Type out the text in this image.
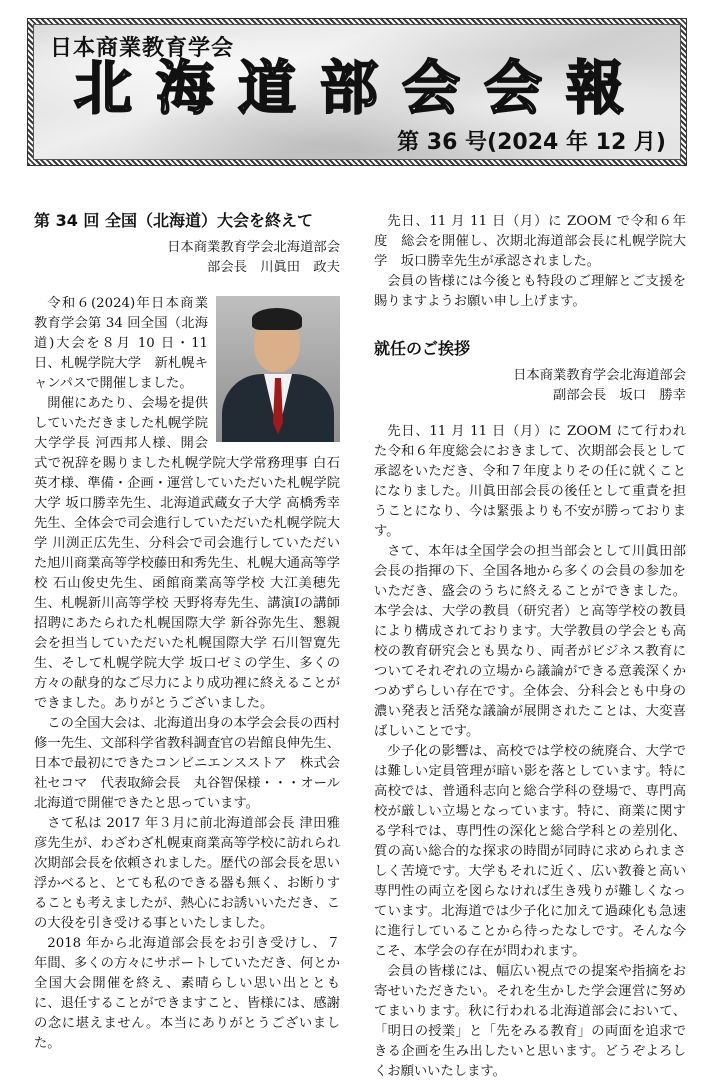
日本商業教育学会
北海道部会会報
第 36 号(2024 年 12 月)
第 34 回 全国（北海道）大会を終えて
日本商業教育学会北海道部会
部会長　川眞田　政夫

令和６(2024)年日本商業教育学会第 34 回全国（北海道)大会を８月 10 日・11 日、札幌学院大学　新札幌キャンパスで開催しました。

開催にあたり、会場を提供していただきました札幌学院大学学長 河西邦人様、開会式で祝辞を賜りました札幌学院大学常務理事 白石英才様、準備・企画・運営していただいた札幌学院大学 坂口勝幸先生、北海道武蔵女子大学 高橋秀幸先生、全体会で司会進行していただいた札幌学院大学 川渕正広先生、分科会で司会進行していただいた旭川商業高等学校藤田和秀先生、札幌大通高等学校 石山俊史先生、函館商業高等学校 大江美穂先生、札幌新川高等学校 天野将寿先生、講演Ⅰの講師招聘にあたられた札幌国際大学 新谷弥先生、懇親会を担当していただいた札幌国際大学 石川智寛先生、そして札幌学院大学 坂口ゼミの学生、多くの方々の献身的なご尽力により成功裡に終えることができました。ありがとうございました。

この全国大会は、北海道出身の本学会会長の西村修一先生、文部科学省教科調査官の岩館良伸先生、日本で最初にできたコンビニエンスストア　株式会社セコマ　代表取締会長　丸谷智保様・・・オール北海道で開催できたと思っています。

さて私は 2017 年３月に前北海道部会長 津田雅彦先生が、わざわざ札幌東商業高等学校に訪れられ次期部会長を依頼されました。歴代の部会長を思い浮かべると、とても私のできる器も無く、お断りすることも考えましたが、熱心にお誘いいただき、この大役を引き受ける事といたしました。

2018 年から北海道部会長をお引き受けし、７ 年間、多くの方々にサポートしていただき、何とか全国大会開催を終え、素晴らしい思い出とともに、退任することができますこと、皆様には、感謝の念に堪えません。本当にありがとうございました。

先日、11 月 11 日（月）に ZOOM で令和６年度　総会を開催し、次期北海道部会長に札幌学院大学　坂口勝幸先生が承認されました。

会員の皆様には今後とも特段のご理解とご支援を賜りますようお願い申し上げます。

就任のご挨拶
日本商業教育学会北海道部会
副部会長　坂口　勝幸

先日、11 月 11 日（月）に ZOOM にて行われた令和６年度総会におきまして、次期部会長として承認をいただき、令和７年度よりその任に就くことになりました。川眞田部会長の後任として重責を担うことになり、今は緊張よりも不安が勝っております。

さて、本年は全国学会の担当部会として川眞田部会長の指揮の下、全国各地から多くの会員の参加をいただき、盛会のうちに終えることができました。本学会は、大学の教員（研究者）と高等学校の教員により構成されております。大学教員の学会とも高校の教育研究会とも異なり、両者がビジネス教育についてそれぞれの立場から議論ができる意義深くかつめずらしい存在です。全体会、分科会とも中身の濃い発表と活発な議論が展開されたことは、大変喜ばしいことです。

少子化の影響は、高校では学校の統廃合、大学では難しい定員管理が暗い影を落としています。特に高校では、普通科志向と総合学科の登場で、専門高校が厳しい立場となっています。特に、商業に関する学科では、専門性の深化と総合学科との差別化、質の高い総合的な探求の時間が同時に求められまさしく苦境です。大学もそれに近く、広い教養と高い専門性の両立を図らなければ生き残りが難しくなっています。北海道では少子化に加えて過疎化も急速に進行していることから待ったなしです。そんな今こそ、本学会の存在が問われます。

会員の皆様には、幅広い視点での提案や指摘をお寄せいただきたい。それを生かした学会運営に努めてまいります。秋に行われる北海道部会において、「明日の授業」と「先をみる教育」の両面を追求できる企画を生み出したいと思います。どうぞよろしくお願いいたします。
